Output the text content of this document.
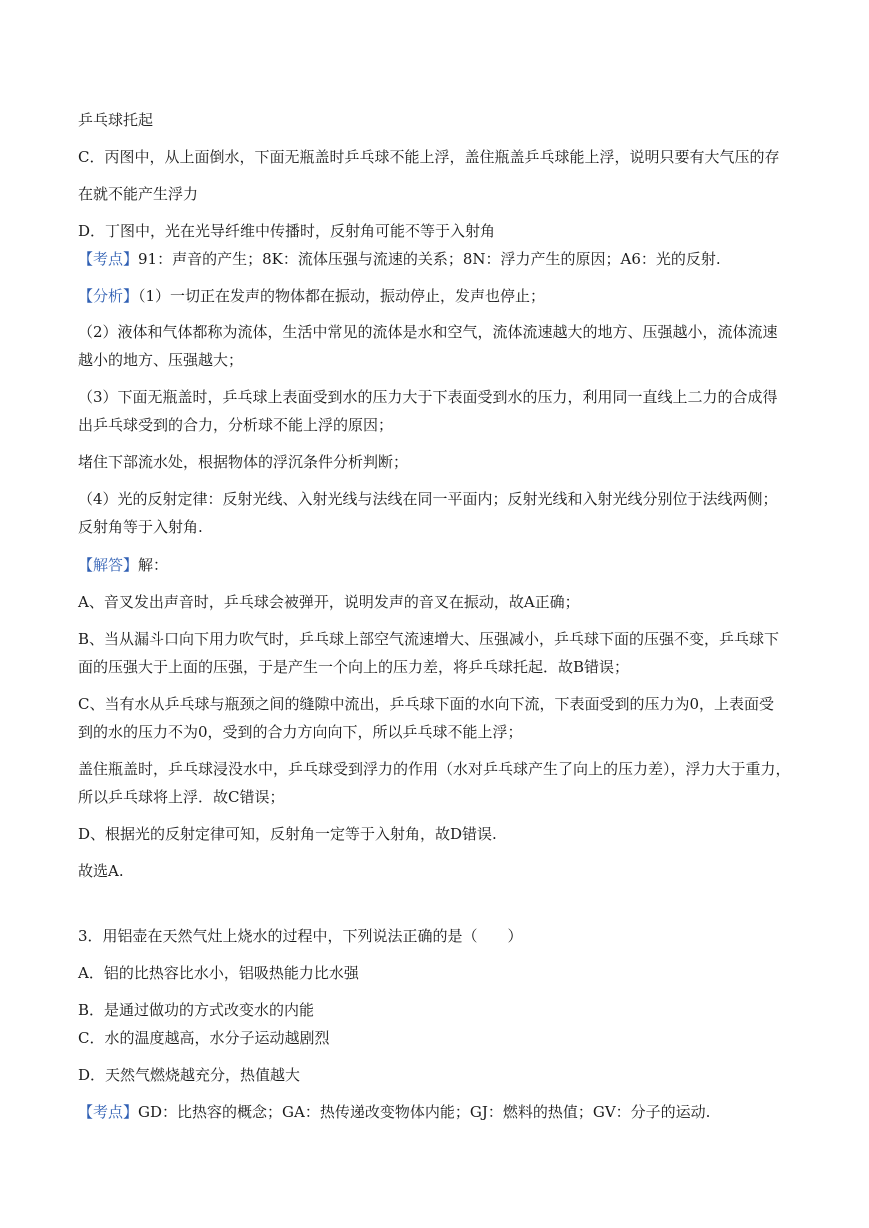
乒乓球托起
C．丙图中，从上面倒水，下面无瓶盖时乒乓球不能上浮，盖住瓶盖乒乓球能上浮，说明只要有大气压的存
在就不能产生浮力
D．丁图中，光在光导纤维中传播时，反射角可能不等于入射角
【考点】91：声音的产生；8K：流体压强与流速的关系；8N：浮力产生的原因；A6：光的反射.
【分析】（1）一切正在发声的物体都在振动，振动停止，发声也停止；
（2）液体和气体都称为流体，生活中常见的流体是水和空气，流体流速越大的地方、压强越小，流体流速
越小的地方、压强越大；
（3）下面无瓶盖时，乒乓球上表面受到水的压力大于下表面受到水的压力，利用同一直线上二力的合成得
出乒乓球受到的合力，分析球不能上浮的原因；
堵住下部流水处，根据物体的浮沉条件分析判断；
（4）光的反射定律：反射光线、入射光线与法线在同一平面内；反射光线和入射光线分别位于法线两侧；
反射角等于入射角.
【解答】解：
A、音叉发出声音时，乒乓球会被弹开，说明发声的音叉在振动，故A正确；
B、当从漏斗口向下用力吹气时，乒乓球上部空气流速增大、压强减小，乒乓球下面的压强不变，乒乓球下
面的压强大于上面的压强，于是产生一个向上的压力差，将乒乓球托起．故B错误；
C、当有水从乒乓球与瓶颈之间的缝隙中流出，乒乓球下面的水向下流，下表面受到的压力为0，上表面受
到的水的压力不为0，受到的合力方向向下，所以乒乓球不能上浮；
盖住瓶盖时，乒乓球浸没水中，乒乓球受到浮力的作用（水对乒乓球产生了向上的压力差），浮力大于重力，
所以乒乓球将上浮．故C错误；
D、根据光的反射定律可知，反射角一定等于入射角，故D错误.
故选A.
3．用铝壶在天然气灶上烧水的过程中，下列说法正确的是（　　）
A．铝的比热容比水小，铝吸热能力比水强
B．是通过做功的方式改变水的内能
C．水的温度越高，水分子运动越剧烈
D．天然气燃烧越充分，热值越大
【考点】GD：比热容的概念；GA：热传递改变物体内能；GJ：燃料的热值；GV：分子的运动.
